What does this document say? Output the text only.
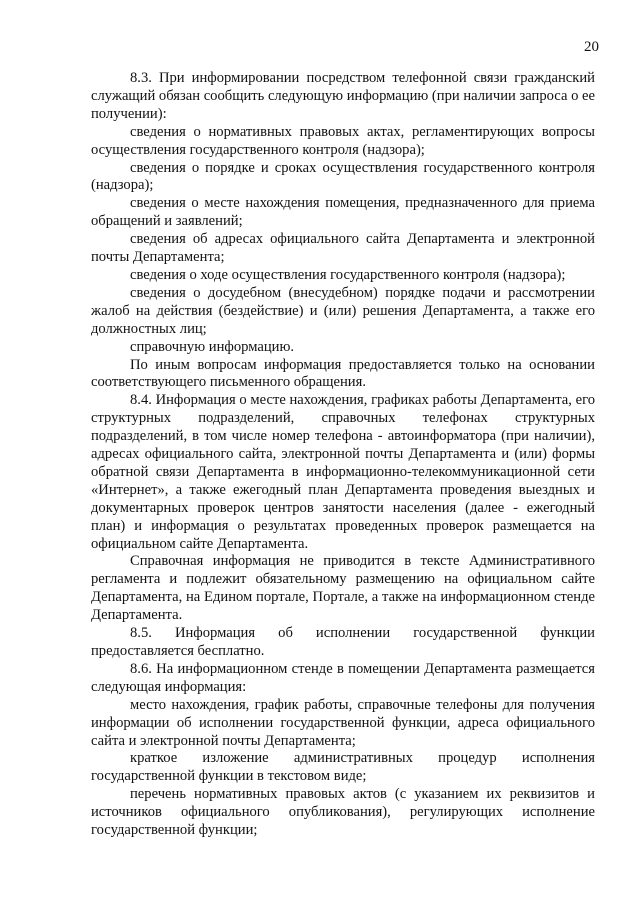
20

8.3. При информировании посредством телефонной связи гражданский служащий обязан сообщить следующую информацию (при наличии запроса о ее получении):

сведения о нормативных правовых актах, регламентирующих вопросы осуществления государственного контроля (надзора);

сведения о порядке и сроках осуществления государственного контроля (надзора);

сведения о месте нахождения помещения, предназначенного для приема обращений и заявлений;

сведения об адресах официального сайта Департамента и электронной почты Департамента;

сведения о ходе осуществления государственного контроля (надзора);

сведения о досудебном (внесудебном) порядке подачи и рассмотрении жалоб на действия (бездействие) и (или) решения Департамента, а также его должностных лиц;

справочную информацию.

По иным вопросам информация предоставляется только на основании соответствующего письменного обращения.

8.4. Информация о месте нахождения, графиках работы Департамента, его структурных подразделений, справочных телефонах структурных подразделений, в том числе номер телефона - автоинформатора (при наличии), адресах официального сайта, электронной почты Департамента и (или) формы обратной связи Департамента в информационно-телекоммуникационной сети «Интернет», а также ежегодный план Департамента проведения выездных и документарных проверок центров занятости населения (далее - ежегодный план) и информация о результатах проведенных проверок размещается на официальном сайте Департамента.

Справочная информация не приводится в тексте Административного регламента и подлежит обязательному размещению на официальном сайте Департамента, на Едином портале, Портале, а также на информационном стенде Департамента.

8.5. Информация об исполнении государственной функции предоставляется бесплатно.

8.6. На информационном стенде в помещении Департамента размещается следующая информация:

место нахождения, график работы, справочные телефоны для получения информации об исполнении государственной функции, адреса официального сайта и электронной почты Департамента;

краткое изложение административных процедур исполнения государственной функции в текстовом виде;

перечень нормативных правовых актов (с указанием их реквизитов и источников официального опубликования), регулирующих исполнение государственной функции;
